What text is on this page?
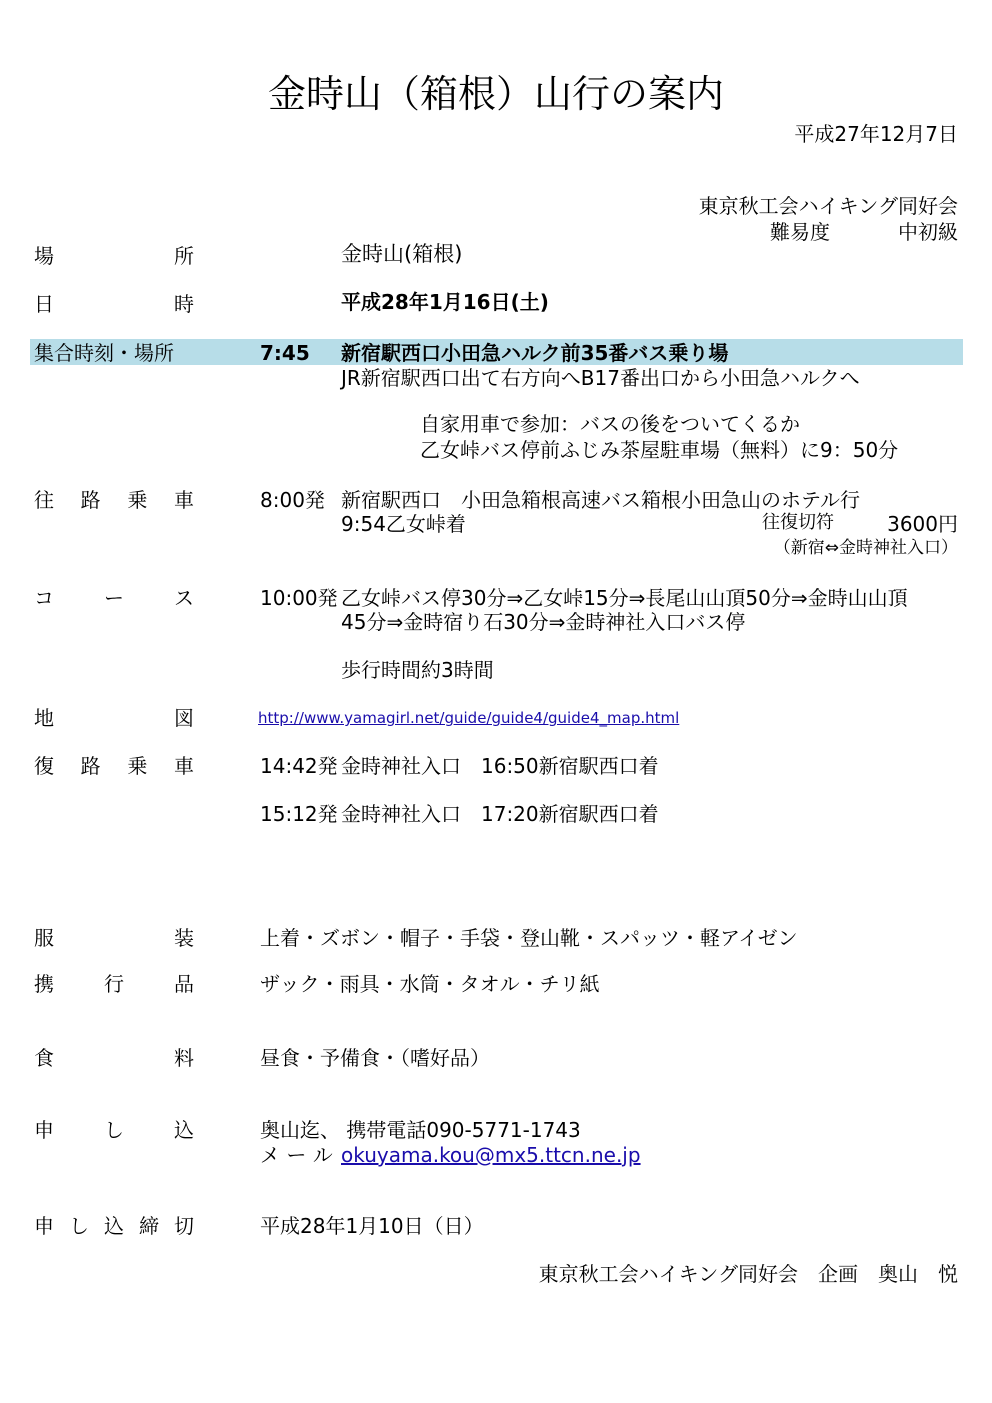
金時山（箱根）山行の案内
平成27年12月7日
東京秋工会ハイキング同好会
難易度	中初級
場	所	金時山(箱根)
日	時	平成28年1月16日(土)
集合時刻・場所	7:45 新宿駅西口小田急ハルク前35番バス乗り場
JR新宿駅西口出て右方向へB17番出口から小田急ハルクへ
自家用車で参加：バスの後をついてくるか
乙女峠バス停前ふじみ茶屋駐車場（無料）に9：50分
往 路 乗 車	8:00発 新宿駅西口　小田急箱根高速バス箱根小田急山のホテル行
9:54乙女峠着	往復切符	3600円
（新宿⇔金時神社入口）
コ	ー	ス	10:00発 乙女峠バス停30分⇒乙女峠15分⇒長尾山山頂50分⇒金時山山頂
45分⇒金時宿り石30分⇒金時神社入口バス停
歩行時間約3時間
地	図	http://www.yamagirl.net/guide/guide4/guide4_map.html
復 路 乗 車	14:42発 金時神社入口　16:50新宿駅西口着
15:12発 金時神社入口　17:20新宿駅西口着
服	装	上着・ズボン・帽子・手袋・登山靴・スパッツ・軽アイゼン
携	行	品	ザック・雨具・水筒・タオル・チリ紙
食	料	昼食・予備食・（嗜好品）
申	し	込	奥山迄、 携帯電話090-5771-1743
メ ー ル okuyama.kou@mx5.ttcn.ne.jp
申 し 込 締 切	平成28年1月10日（日）
東京秋工会ハイキング同好会　企画　奥山　悦
